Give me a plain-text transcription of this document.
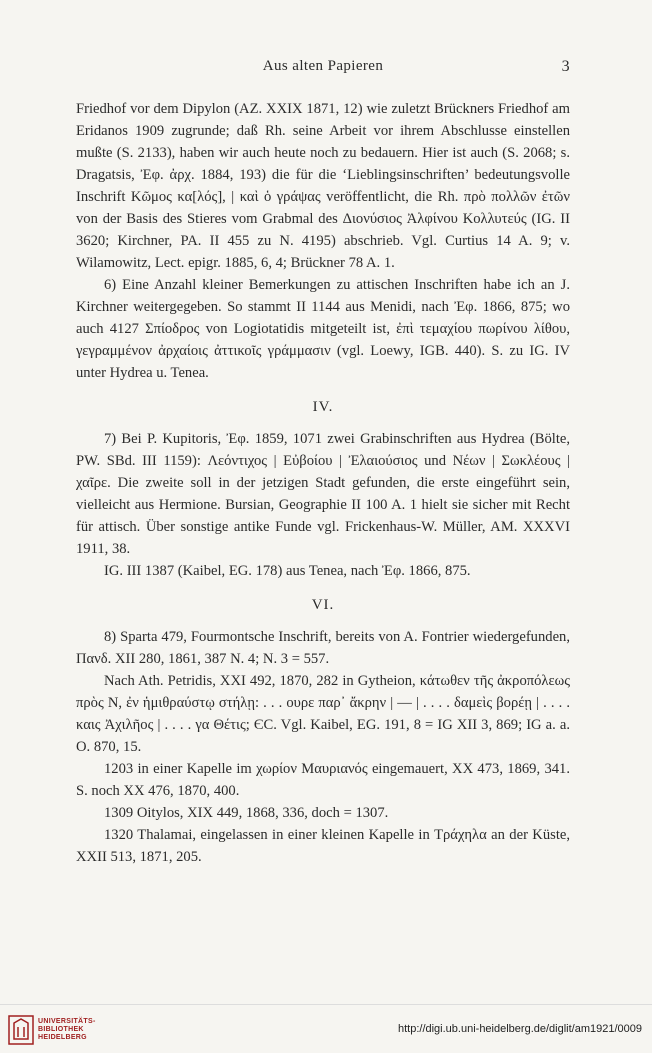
Aus alten Papieren	3

Friedhof vor dem Dipylon (AZ. XXIX 1871, 12) wie zuletzt Brückners Friedhof am Eridanos 1909 zugrunde; daß Rh. seine Arbeit vor ihrem Abschlusse einstellen mußte (S. 2133), haben wir auch heute noch zu bedauern. Hier ist auch (S. 2068; s. Dragatsis, Ἐφ. ἀρχ. 1884, 193) die für die ‘Lieblingsinschriften’ bedeutungsvolle Inschrift Κῶμος κα[λός], | καὶ ὁ γράψας veröffentlicht, die Rh. πρὸ πολλῶν ἐτῶν von der Basis des Stieres vom Grabmal des Διονύσιος Ἀλφίνου Κολλυτεύς (IG. II 3620; Kirchner, PA. II 455 zu N. 4195) abschrieb. Vgl. Curtius 14 A. 9; v. Wilamowitz, Lect. epigr. 1885, 6, 4; Brückner 78 A. 1.

6) Eine Anzahl kleiner Bemerkungen zu attischen Inschriften habe ich an J. Kirchner weitergegeben. So stammt II 1144 aus Menidi, nach Ἐφ. 1866, 875; wo auch 4127 Σπίοδρος von Logiotatidis mitgeteilt ist, ἐπὶ τεμαχίου πωρίνου λίθου, γεγραμμένον ἀρχαίοις ἀττικοῖς γράμμασιν (vgl. Loewy, IGB. 440). S. zu IG. IV unter Hydrea u. Tenea.

IV.

7) Bei P. Kupitoris, Ἐφ. 1859, 1071 zwei Grabinschriften aus Hydrea (Bölte, PW. SBd. III 1159): Λεόντιχος | Εὐβοίου | Ἐλαιούσιος und Νέων | Σωκλέους | χαῖρε. Die zweite soll in der jetzigen Stadt gefunden, die erste eingeführt sein, vielleicht aus Hermione. Bursian, Geographie II 100 A. 1 hielt sie sicher mit Recht für attisch. Über sonstige antike Funde vgl. Frickenhaus-W. Müller, AM. XXXVI 1911, 38.

IG. III 1387 (Kaibel, EG. 178) aus Tenea, nach Ἐφ. 1866, 875.

VI.

8) Sparta 479, Fourmontsche Inschrift, bereits von A. Fontrier wiedergefunden, Πανδ. XII 280, 1861, 387 N. 4; N. 3 = 557.

Nach Ath. Petridis, XXI 492, 1870, 282 in Gytheion, κάτωθεν τῆς ἀκροπόλεως πρὸς Ν, ἐν ἡμιθραύστῳ στήλῃ: . . . ουρε παρ᾽ ἄκρην | — | . . . . δαμεὶς βορέῃ | . . . . καις Ἀχιλῆος | . . . . γα Θέτις; ЄC. Vgl. Kaibel, EG. 191, 8 = IG XII 3, 869; IG a. a. O. 870, 15.

1203 in einer Kapelle im χωρίον Μαυριανός eingemauert, XX 473, 1869, 341. S. noch XX 476, 1870, 400.

1309 Oitylos, XIX 449, 1868, 336, doch = 1307.

1320 Thalamai, eingelassen in einer kleinen Kapelle in Τράχηλα an der Küste, XXII 513, 1871, 205.

UNIVERSITÄTS-
BIBLIOTHEK
HEIDELBERG
http://digi.ub.uni-heidelberg.de/diglit/am1921/0009
